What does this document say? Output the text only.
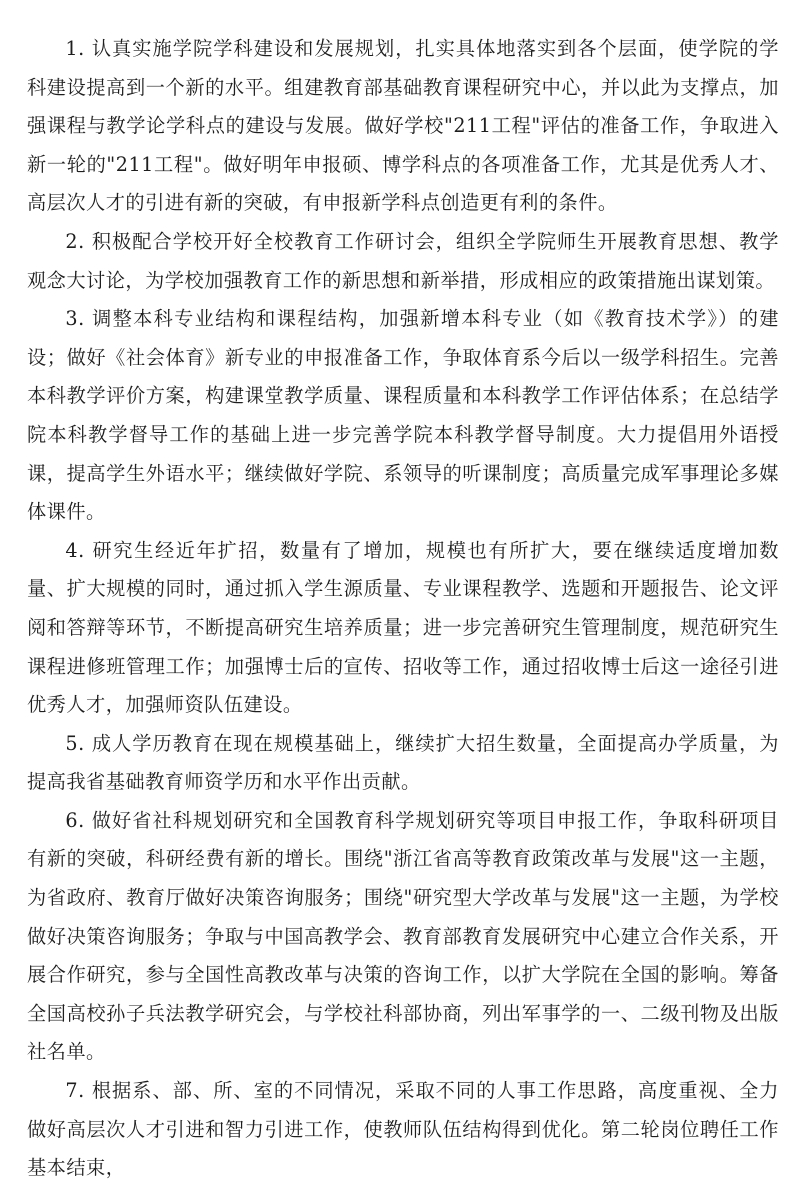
1. 认真实施学院学科建设和发展规划，扎实具体地落实到各个层面，使学院的学科建设提高到一个新的水平。组建教育部基础教育课程研究中心，并以此为支撑点，加强课程与教学论学科点的建设与发展。做好学校"211工程"评估的准备工作，争取进入新一轮的"211工程"。做好明年申报硕、博学科点的各项准备工作，尤其是优秀人才、高层次人才的引进有新的突破，有申报新学科点创造更有利的条件。

2. 积极配合学校开好全校教育工作研讨会，组织全学院师生开展教育思想、教学观念大讨论，为学校加强教育工作的新思想和新举措，形成相应的政策措施出谋划策。

3. 调整本科专业结构和课程结构，加强新增本科专业（如《教育技术学》）的建设；做好《社会体育》新专业的申报准备工作，争取体育系今后以一级学科招生。完善本科教学评价方案，构建课堂教学质量、课程质量和本科教学工作评估体系；在总结学院本科教学督导工作的基础上进一步完善学院本科教学督导制度。大力提倡用外语授课，提高学生外语水平；继续做好学院、系领导的听课制度；高质量完成军事理论多媒体课件。

4. 研究生经近年扩招，数量有了增加，规模也有所扩大，要在继续适度增加数量、扩大规模的同时，通过抓入学生源质量、专业课程教学、选题和开题报告、论文评阅和答辩等环节，不断提高研究生培养质量；进一步完善研究生管理制度，规范研究生课程进修班管理工作；加强博士后的宣传、招收等工作，通过招收博士后这一途径引进优秀人才，加强师资队伍建设。

5. 成人学历教育在现在规模基础上，继续扩大招生数量，全面提高办学质量，为提高我省基础教育师资学历和水平作出贡献。

6. 做好省社科规划研究和全国教育科学规划研究等项目申报工作，争取科研项目有新的突破，科研经费有新的增长。围绕"浙江省高等教育政策改革与发展"这一主题，为省政府、教育厅做好决策咨询服务；围绕"研究型大学改革与发展"这一主题，为学校做好决策咨询服务；争取与中国高教学会、教育部教育发展研究中心建立合作关系，开展合作研究，参与全国性高教改革与决策的咨询工作，以扩大学院在全国的影响。筹备全国高校孙子兵法教学研究会，与学校社科部协商，列出军事学的一、二级刊物及出版社名单。

7. 根据系、部、所、室的不同情况，采取不同的人事工作思路，高度重视、全力做好高层次人才引进和智力引进工作，使教师队伍结构得到优化。第二轮岗位聘任工作基本结束，
